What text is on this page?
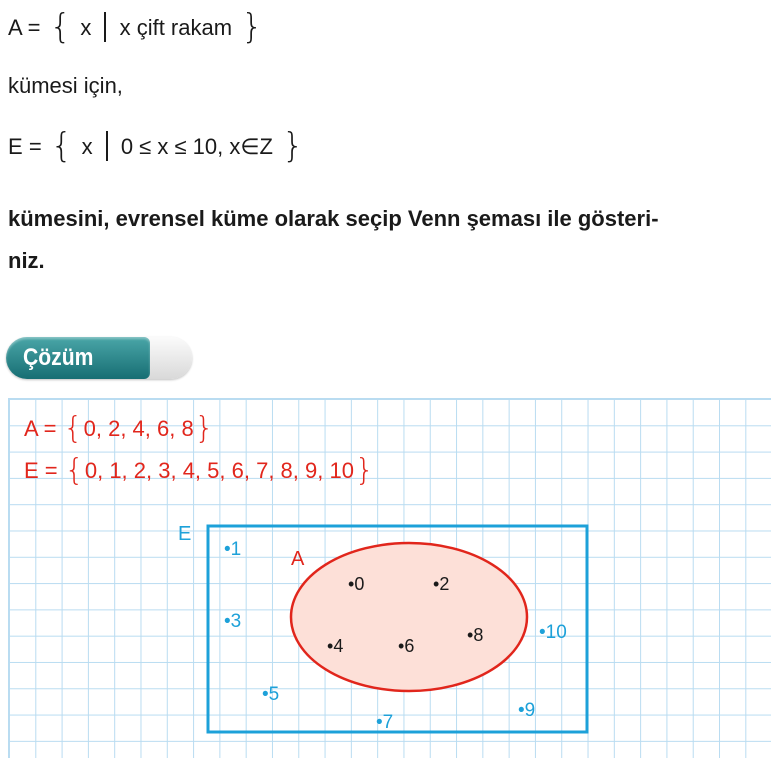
A = { x x çift rakam }
kümesi için,
E = { x 0 ≤ x ≤ 10, x∈Z }
kümesini, evrensel küme olarak seçip Venn şeması ile gösteri-
niz.
Çözüm
A = {0, 2, 4, 6, 8}
E = {0, 1, 2, 3, 4, 5, 6, 7, 8, 9, 10}
E
A
•0	•2
•4	•6
•8
•1
•3
•5
•7
•9
•10
